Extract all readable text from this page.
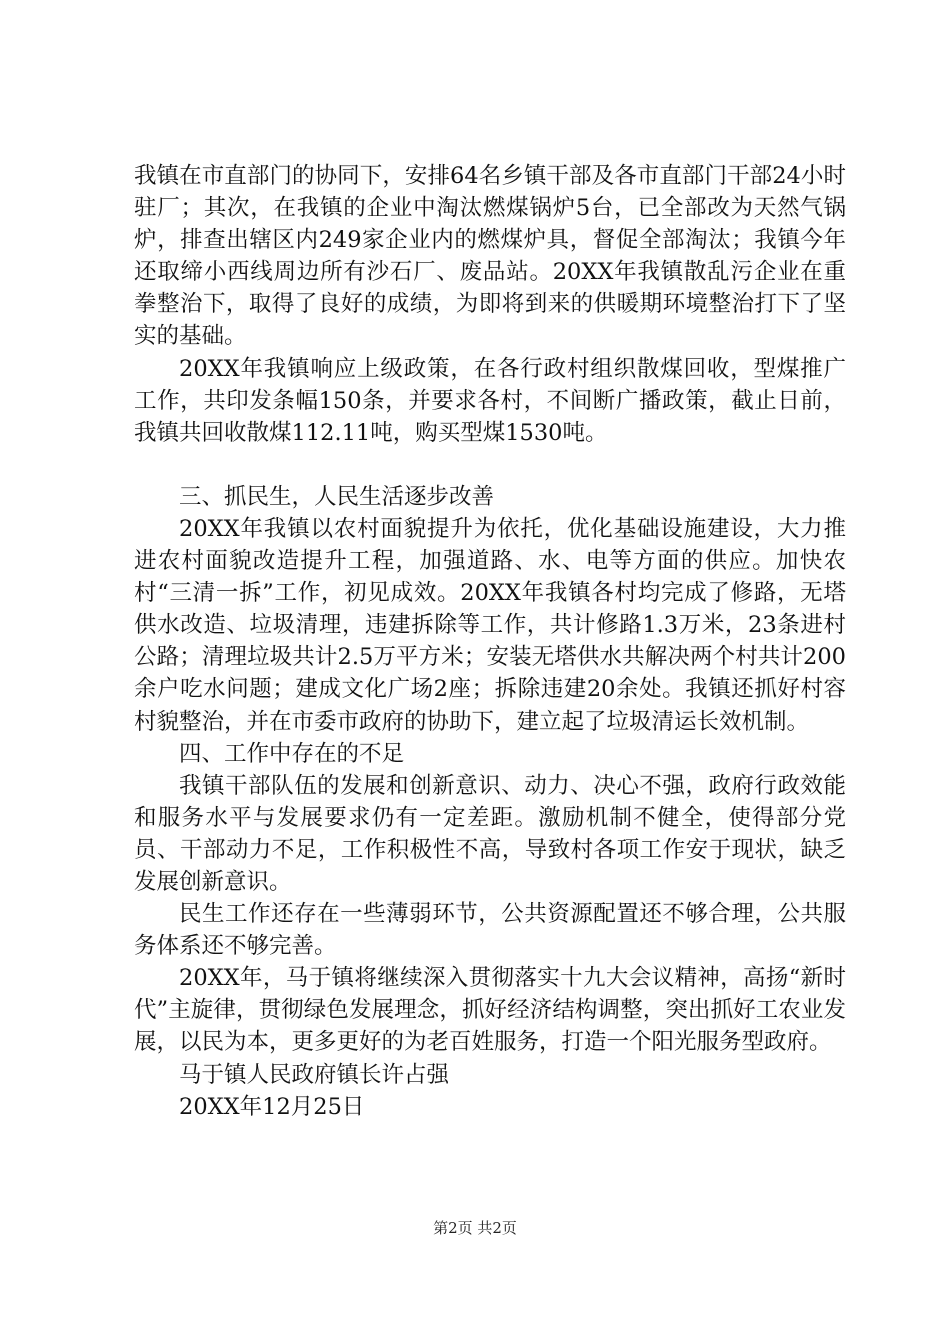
我镇在市直部门的协同下，安排64名乡镇干部及各市直部门干部24小时驻厂；其次，在我镇的企业中淘汰燃煤锅炉5台，已全部改为天然气锅炉，排查出辖区内249家企业内的燃煤炉具，督促全部淘汰；我镇今年还取缔小西线周边所有沙石厂、废品站。20XX年我镇散乱污企业在重拳整治下，取得了良好的成绩，为即将到来的供暖期环境整治打下了坚实的基础。

20XX年我镇响应上级政策，在各行政村组织散煤回收，型煤推广工作，共印发条幅150条，并要求各村，不间断广播政策，截止日前，我镇共回收散煤112.11吨，购买型煤1530吨。

三、抓民生，人民生活逐步改善

20XX年我镇以农村面貌提升为依托，优化基础设施建设，大力推进农村面貌改造提升工程，加强道路、水、电等方面的供应。加快农村“三清一拆”工作，初见成效。20XX年我镇各村均完成了修路，无塔供水改造、垃圾清理，违建拆除等工作，共计修路1.3万米，23条进村公路；清理垃圾共计2.5万平方米；安装无塔供水共解决两个村共计200余户吃水问题；建成文化广场2座；拆除违建20余处。我镇还抓好村容村貌整治，并在市委市政府的协助下，建立起了垃圾清运长效机制。

四、工作中存在的不足

我镇干部队伍的发展和创新意识、动力、决心不强，政府行政效能和服务水平与发展要求仍有一定差距。激励机制不健全，使得部分党员、干部动力不足，工作积极性不高，导致村各项工作安于现状，缺乏发展创新意识。

民生工作还存在一些薄弱环节，公共资源配置还不够合理，公共服务体系还不够完善。

20XX年，马于镇将继续深入贯彻落实十九大会议精神，高扬“新时代”主旋律，贯彻绿色发展理念，抓好经济结构调整，突出抓好工农业发展，以民为本，更多更好的为老百姓服务，打造一个阳光服务型政府。

马于镇人民政府镇长许占强

20XX年12月25日

第2页 共2页
